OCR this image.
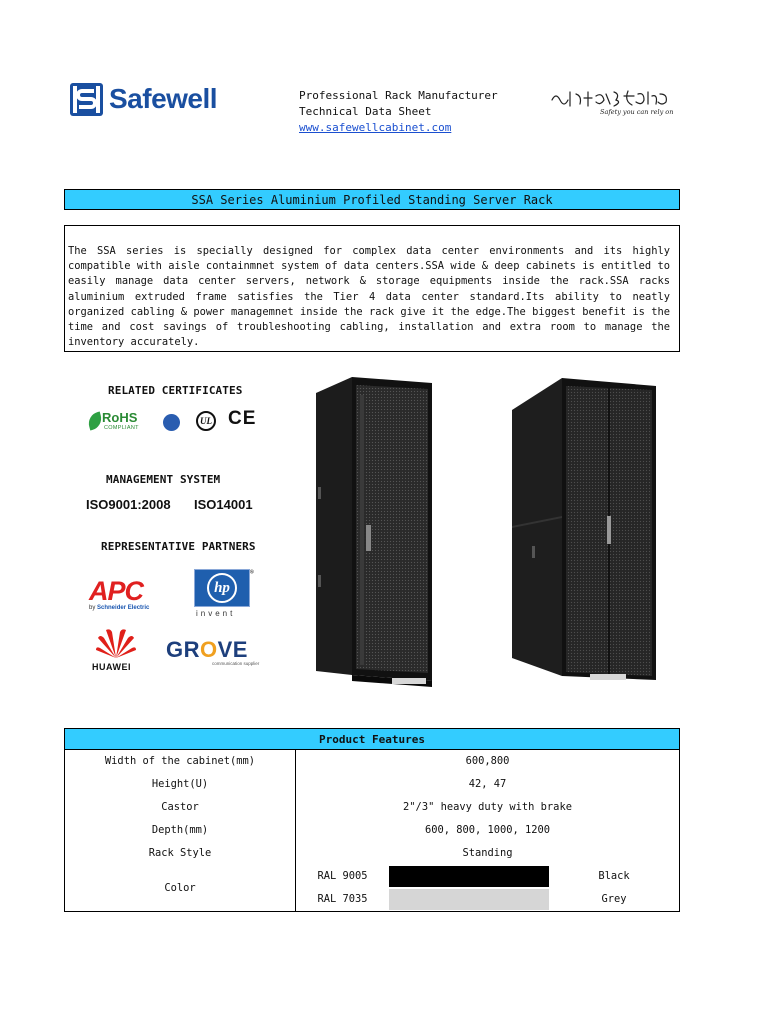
Safewell	Professional Rack Manufacturer
Technical Data Sheet
www.safewellcabinet.com
Safety you can rely on
SSA Series Aluminium Profiled Standing Server Rack
The SSA series is specially designed for complex data center environments and its highly compatible with aisle containmnet system of data centers.SSA wide & deep cabinets is entitled to easily manage data center servers, network & storage equipments inside the rack.SSA racks aluminium extruded frame satisfies the Tier 4 data center standard.Its ability to neatly organized cabling & power managemnet inside the rack give it the edge.The biggest benefit is the time and cost savings of troubleshooting cabling, installation and extra room to manage the inventory accurately.
RELATED CERTIFICATES
RoHS
COMPLIANT
UL CE
MANAGEMENT SYSTEM
ISO9001:2008 ISO14001
REPRESENTATIVE PARTNERS
APC
by Schneider Electric
hp
®
invent
HUAWEI
GROVE
communication supplier
Product Features	
Width of the cabinet(mm)	600,800
Height(U)	42, 47
Castor	2"/3" heavy duty with brake
Depth(mm)	600, 800, 1000, 1200
Rack Style	Standing
Color	RAL 9005 Black
RAL 7035 Grey
